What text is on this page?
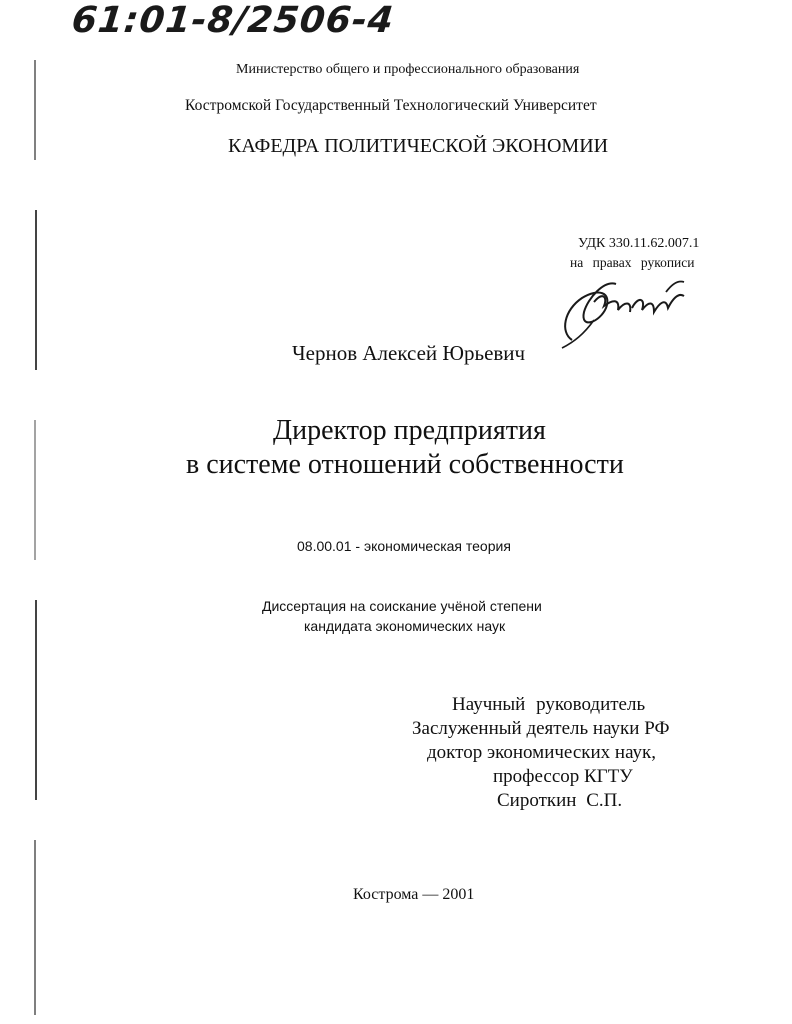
61:01-8/2506-4
Министерство общего и профессионального образования
Костромской Государственный Технологический Университет
КАФЕДРА ПОЛИТИЧЕСКОЙ ЭКОНОМИИ
УДК 330.11.62.007.1
на правах рукописи
Чернов Алексей Юрьевич
Директор предприятия
в системе отношений собственности
08.00.01 - экономическая теория
Диссертация на соискание учёной степени
кандидата экономических наук
Научный руководитель
Заслуженный деятель науки РФ
доктор экономических наук,
профессор КГТУ
Сироткин С.П.
Кострома — 2001
